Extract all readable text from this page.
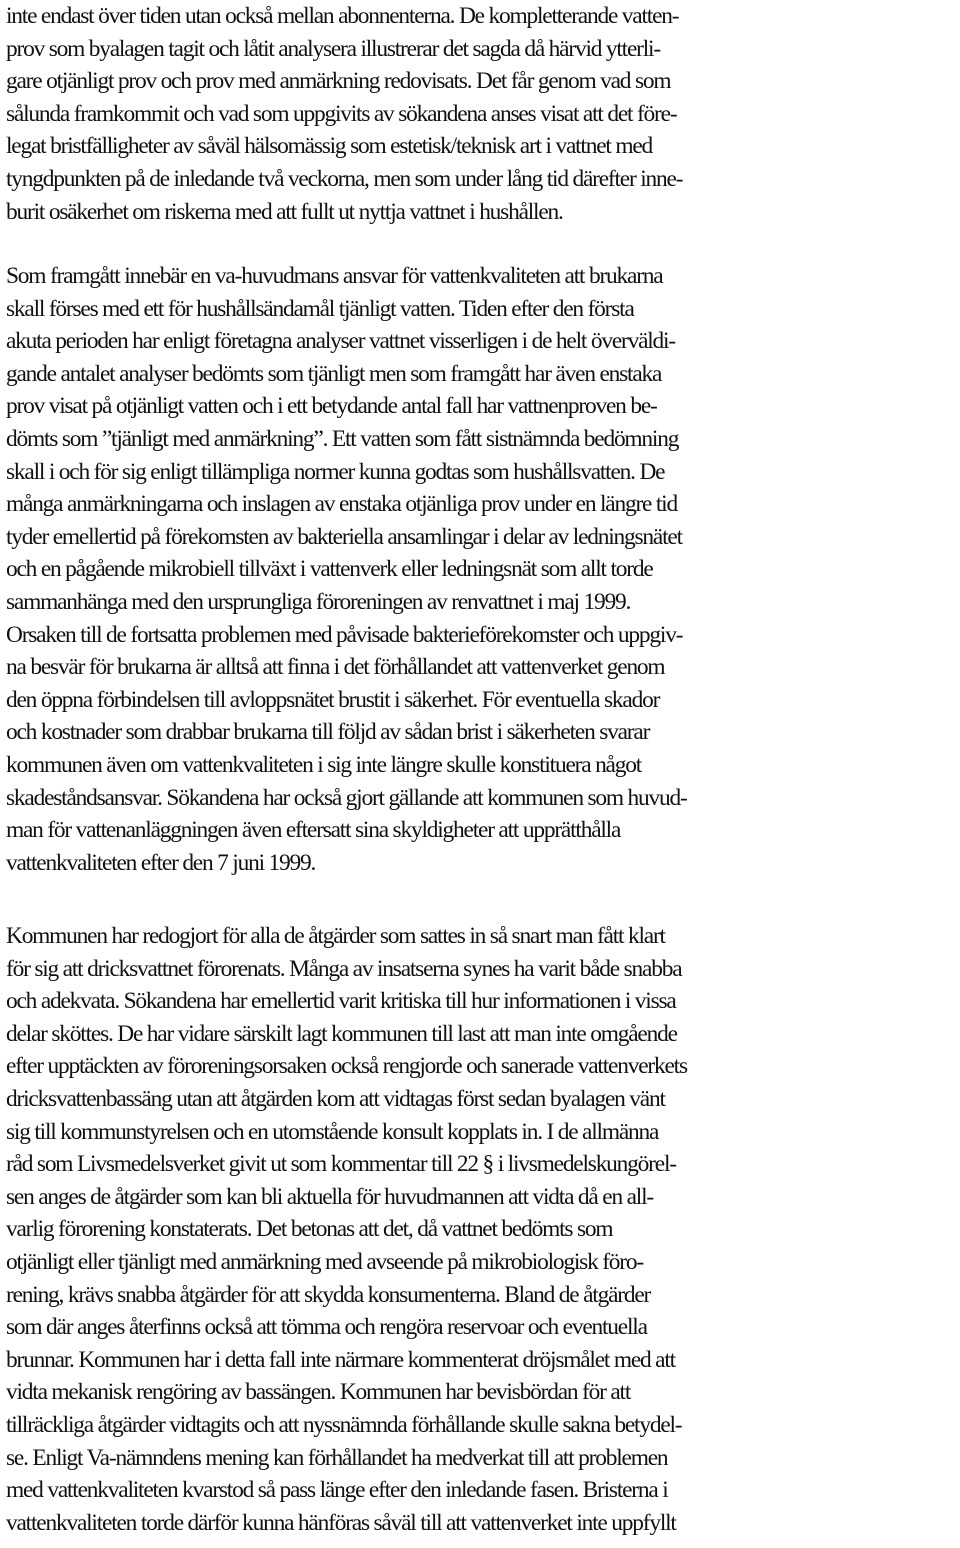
inte endast över tiden utan också mellan abonnenterna. De kompletterande vatten-
prov som byalagen tagit och låtit analysera illustrerar det sagda då härvid ytterli-
gare otjänligt prov och prov med anmärkning redovisats. Det får genom vad som
sålunda framkommit och vad som uppgivits av sökandena anses visat att det före-
legat bristfälligheter av såväl hälsomässig som estetisk/teknisk art i vattnet med
tyngdpunkten på de inledande två veckorna, men som under lång tid därefter inne-
burit osäkerhet om riskerna med att fullt ut nyttja vattnet i hushållen.
Som framgått innebär en va-huvudmans ansvar för vattenkvaliteten att brukarna
skall förses med ett för hushållsändamål tjänligt vatten. Tiden efter den första
akuta perioden har enligt företagna analyser vattnet visserligen i de helt överväldi-
gande antalet analyser bedömts som tjänligt men som framgått har även enstaka
prov visat på otjänligt vatten och i ett betydande antal fall har vattnenproven be-
dömts som ”tjänligt med anmärkning”. Ett vatten som fått sistnämnda bedömning
skall i och för sig enligt tillämpliga normer kunna godtas som hushållsvatten. De
många anmärkningarna och inslagen av enstaka otjänliga prov under en längre tid
tyder emellertid på förekomsten av bakteriella ansamlingar i delar av ledningsnätet
och en pågående mikrobiell tillväxt i vattenverk eller ledningsnät som allt torde
sammanhänga med den ursprungliga föroreningen av renvattnet i maj 1999.
Orsaken till de fortsatta problemen med påvisade bakterieförekomster och uppgiv-
na besvär för brukarna är alltså att finna i det förhållandet att vattenverket genom
den öppna förbindelsen till avloppsnätet brustit i säkerhet. För eventuella skador
och kostnader som drabbar brukarna till följd av sådan brist i säkerheten svarar
kommunen även om vattenkvaliteten i sig inte längre skulle konstituera något
skadeståndsansvar. Sökandena har också gjort gällande att kommunen som huvud-
man för vattenanläggningen även eftersatt sina skyldigheter att upprätthålla
vattenkvaliteten efter den 7 juni 1999.
Kommunen har redogjort för alla de åtgärder som sattes in så snart man fått klart
för sig att dricksvattnet förorenats. Många av insatserna synes ha varit både snabba
och adekvata. Sökandena har emellertid varit kritiska till hur informationen i vissa
delar sköttes. De har vidare särskilt lagt kommunen till last att man inte omgående
efter upptäckten av föroreningsorsaken också rengjorde och sanerade vattenverkets
dricksvattenbassäng utan att åtgärden kom att vidtagas först sedan byalagen vänt
sig till kommunstyrelsen och en utomstående konsult kopplats in. I de allmänna
råd som Livsmedelsverket givit ut som kommentar till 22 § i livsmedelskungörel-
sen anges de åtgärder som kan bli aktuella för huvudmannen att vidta då en all-
varlig förorening konstaterats. Det betonas att det, då vattnet bedömts som
otjänligt eller tjänligt med anmärkning med avseende på mikrobiologisk föro-
rening, krävs snabba åtgärder för att skydda konsumenterna. Bland de åtgärder
som där anges återfinns också att tömma och rengöra reservoar och eventuella
brunnar. Kommunen har i detta fall inte närmare kommenterat dröjsmålet med att
vidta mekanisk rengöring av bassängen. Kommunen har bevisbördan för att
tillräckliga åtgärder vidtagits och att nyssnämnda förhållande skulle sakna betydel-
se. Enligt Va-nämndens mening kan förhållandet ha medverkat till att problemen
med vattenkvaliteten kvarstod så pass länge efter den inledande fasen. Bristerna i
vattenkvaliteten torde därför kunna hänföras såväl till att vattenverket inte uppfyllt
